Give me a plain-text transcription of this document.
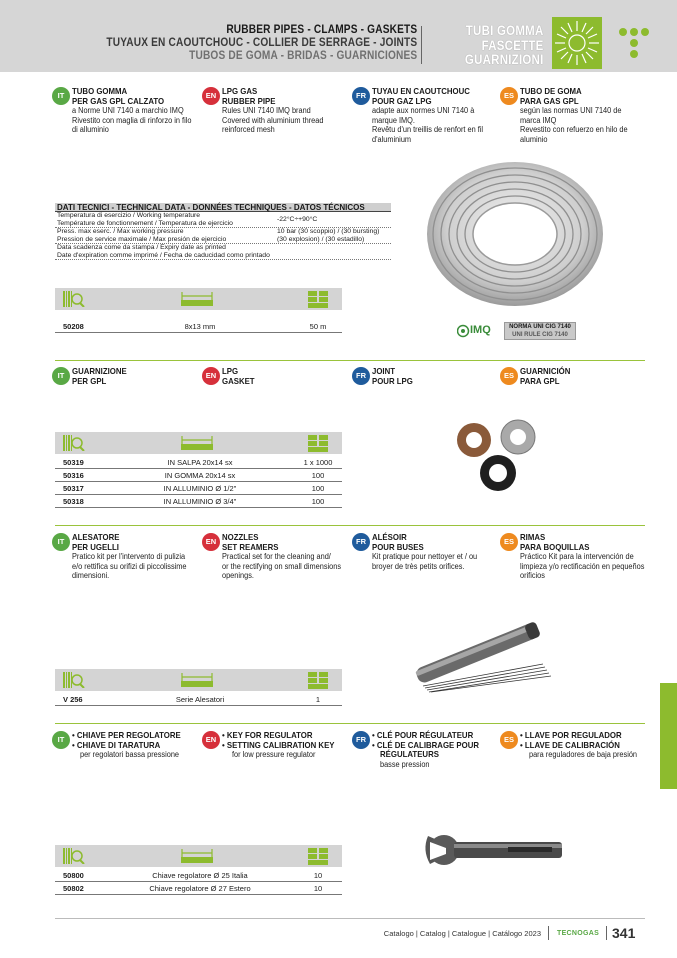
RUBBER PIPES - CLAMPS - GASKETS
TUYAUX EN CAOUTCHOUC - COLLIER DE SERRAGE - JOINTS
TUBOS DE GOMA - BRIDAS - GUARNICIONES
TUBI GOMMA
FASCETTE
GUARNIZIONI
IT TUBO GOMMA
PER GAS GPL CALZATO
a Norme UNI 7140 a marchio IMQ
Rivestito con maglia di rinforzo in filo
di alluminio
EN LPG GAS
RUBBER PIPE
Rules UNI 7140 IMQ brand
Covered with aluminium thread
reinforced mesh
FR TUYAU EN CAOUTCHOUC
POUR GAZ LPG
adapte aux normes UNI 7140 à
marque IMQ.
Revêtu d'un treillis de renfort en fil
d'aluminium
ES TUBO DE GOMA
PARA GAS GPL
según las normas UNI 7140 de
marca IMQ
Revestito con refuerzo en hilo de
aluminio
DATI TECNICI - TECHNICAL DATA - DONNÉES TECHNIQUES - DATOS TÉCNICOS
Temperatura di esercizio / Working temperature
Température de fonctionnement / Temperatura de ejercicio	-22°C÷+90°C
Press. max eserc. / Max working pressure
Pression de service maximale / Max presión de ejercicio
10 bar (30 scoppio) / (30 bursting)
(30 explosion) / (30 estadillo)
Data scadenza come da stampa / Expiry date as printed
Date d'expiration comme imprimé / Fecha de caducidad como printado
50208	8x13 mm	50 m	IMQ	NORMA UNI CIG 7140
UNI RULE CIG 7140
IT GUARNIZIONE
PER GPL	EN LPG
GASKET	FR JOINT
POUR LPG	ES GUARNICIÓN
PARA GPL
50319	IN SALPA 20x14 sx	1 x 1000
50316	IN GOMMA 20x14 sx	100
50317	IN ALLUMINIO Ø 1/2"	100
50318	IN ALLUMINIO Ø 3/4"	100
IT ALESATORE
PER UGELLI
Pratico kit per l'intervento di pulizia
e/o rettifica su orifizi di piccolissime
dimensioni.
EN NOZZLES
SET REAMERS
Practical set for the cleaning and/
or the rectifying on small dimensions
openings.
FR ALÉSOIR
POUR BUSES
Kit pratique pour nettoyer et / ou
broyer de très petits orifices.
ES RIMAS
PARA BOQUILLAS
Práctico Kit para la intervención de
limpieza y/o rectificación en pequeños
orificios
V 256	Serie Alesatori	1
IT • CHIAVE PER REGOLATORE
• CHIAVE DI TARATURA
per regolatori bassa pressione
EN • KEY FOR REGULATOR
• SETTING CALIBRATION KEY
for low pressure regulator
FR • CLÉ POUR RÉGULATEUR
• CLÉ DE CALIBRAGE POUR
RÉGULATEURS
basse pression
ES • LLAVE POR REGULADOR
• LLAVE DE CALIBRACIÓN
para reguladores de baja presión
50800	Chiave regolatore Ø 25 Italia	10
50802	Chiave regolatore Ø 27 Estero	10
Catalogo | Catalog | Catalogue | Catálogo 2023 TECNOGAS 341
